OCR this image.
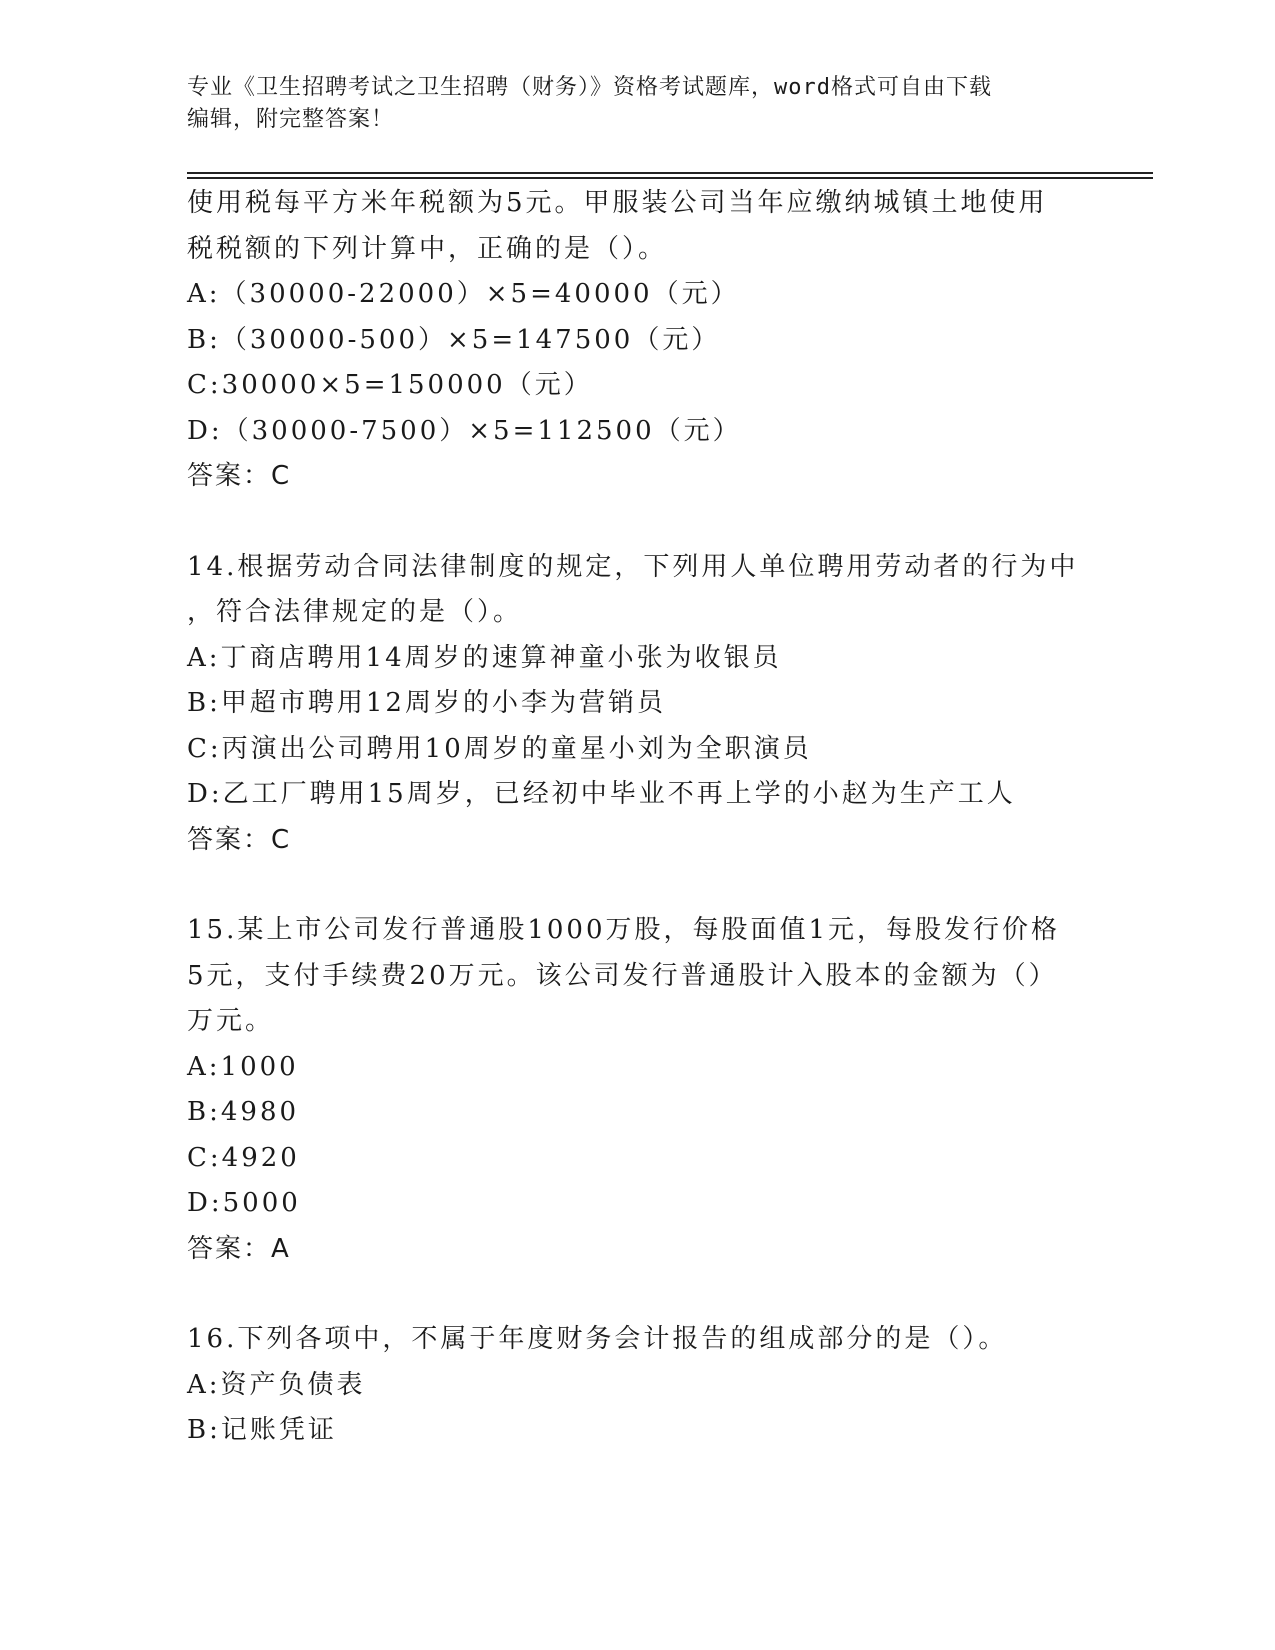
专业《卫生招聘考试之卫生招聘（财务）》资格考试题库，word格式可自由下载
编辑，附完整答案！
使用税每平方米年税额为5元。甲服装公司当年应缴纳城镇土地使用
税税额的下列计算中，正确的是（）。
A:（30000-22000）×5=40000（元）
B:（30000-500）×5=147500（元）
C:30000×5=150000（元）
D:（30000-7500）×5=112500（元）
答案：C
14.根据劳动合同法律制度的规定，下列用人单位聘用劳动者的行为中
，符合法律规定的是（）。
A:丁商店聘用14周岁的速算神童小张为收银员
B:甲超市聘用12周岁的小李为营销员
C:丙演出公司聘用10周岁的童星小刘为全职演员
D:乙工厂聘用15周岁，已经初中毕业不再上学的小赵为生产工人
答案：C
15.某上市公司发行普通股1000万股，每股面值1元，每股发行价格
5元，支付手续费20万元。该公司发行普通股计入股本的金额为（）
万元。
A:1000
B:4980
C:4920
D:5000
答案：A
16.下列各项中，不属于年度财务会计报告的组成部分的是（）。
A:资产负债表
B:记账凭证
